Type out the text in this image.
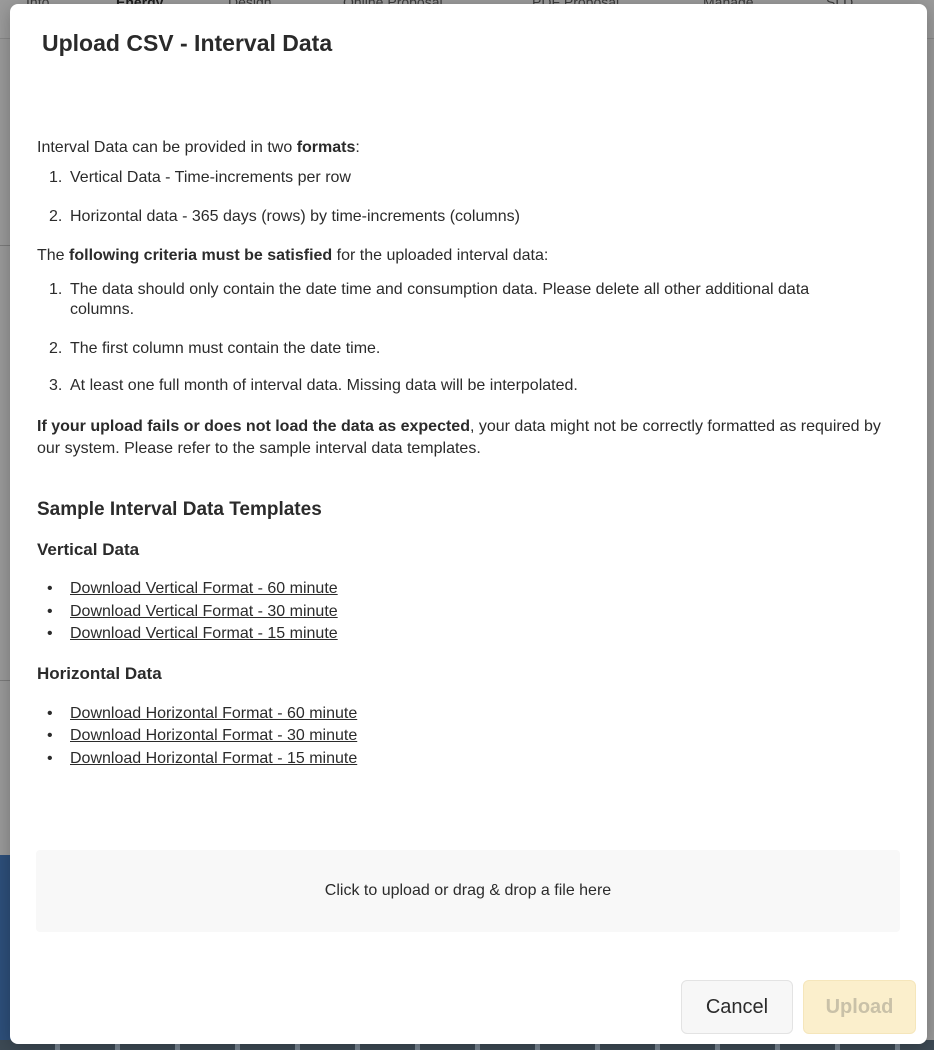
Upload CSV - Interval Data

Interval Data can be provided in two formats:

1. Vertical Data - Time-increments per row
2. Horizontal data - 365 days (rows) by time-increments (columns)

The following criteria must be satisfied for the uploaded interval data:

1. The data should only contain the date time and consumption data. Please delete all other additional data columns.
2. The first column must contain the date time.
3. At least one full month of interval data. Missing data will be interpolated.

If your upload fails or does not load the data as expected, your data might not be correctly formatted as required by our system. Please refer to the sample interval data templates.

Sample Interval Data Templates
Vertical Data
• Download Vertical Format - 60 minute
• Download Vertical Format - 30 minute
• Download Vertical Format - 15 minute
Horizontal Data
• Download Horizontal Format - 60 minute
• Download Horizontal Format - 30 minute
• Download Horizontal Format - 15 minute
Click to upload or drag & drop a file here
Cancel	Upload
